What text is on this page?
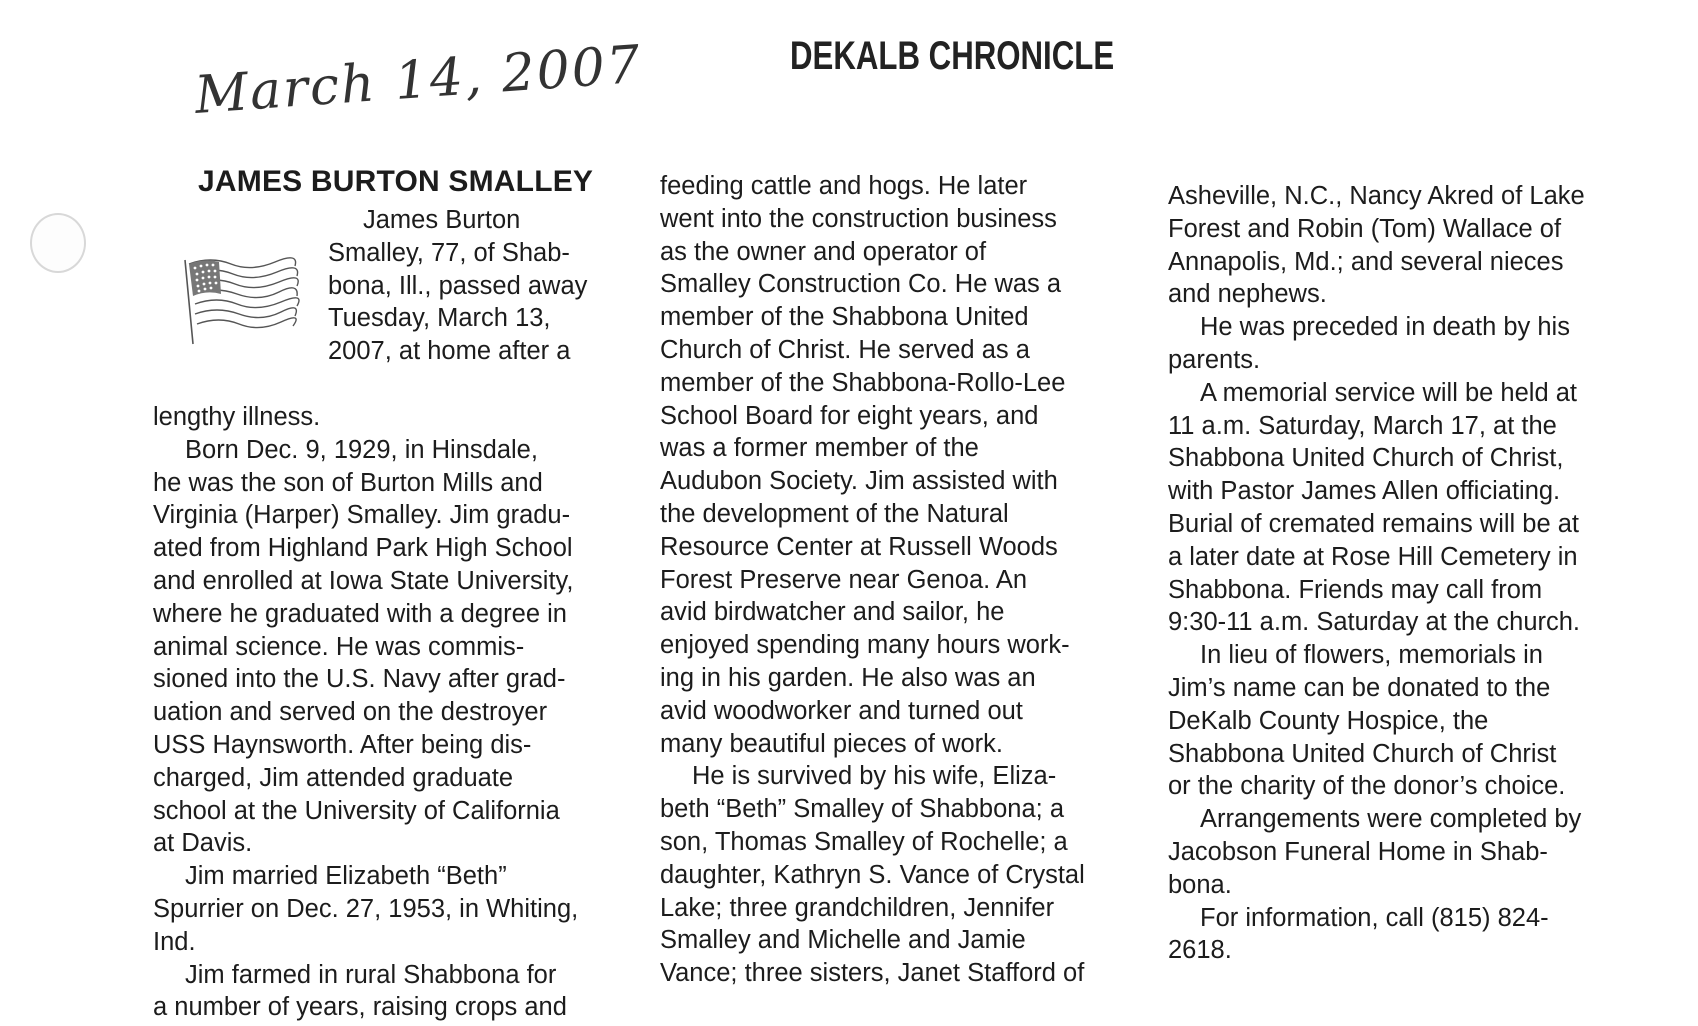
DEKALB CHRONICLE
March 14, 2007
JAMES BURTON SMALLEY
James Burton
Smalley, 77, of Shab-
bona, Ill., passed away
Tuesday, March 13,
2007, at home after a
lengthy illness.
Born Dec. 9, 1929, in Hinsdale,
he was the son of Burton Mills and
Virginia (Harper) Smalley. Jim gradu-
ated from Highland Park High School
and enrolled at Iowa State University,
where he graduated with a degree in
animal science. He was commis-
sioned into the U.S. Navy after grad-
uation and served on the destroyer
USS Haynsworth. After being dis-
charged, Jim attended graduate
school at the University of California
at Davis.
Jim married Elizabeth “Beth”
Spurrier on Dec. 27, 1953, in Whiting,
Ind.
Jim farmed in rural Shabbona for
a number of years, raising crops and
feeding cattle and hogs. He later
went into the construction business
as the owner and operator of
Smalley Construction Co. He was a
member of the Shabbona United
Church of Christ. He served as a
member of the Shabbona-Rollo-Lee
School Board for eight years, and
was a former member of the
Audubon Society. Jim assisted with
the development of the Natural
Resource Center at Russell Woods
Forest Preserve near Genoa. An
avid birdwatcher and sailor, he
enjoyed spending many hours work-
ing in his garden. He also was an
avid woodworker and turned out
many beautiful pieces of work.
He is survived by his wife, Eliza-
beth “Beth” Smalley of Shabbona; a
son, Thomas Smalley of Rochelle; a
daughter, Kathryn S. Vance of Crystal
Lake; three grandchildren, Jennifer
Smalley and Michelle and Jamie
Vance; three sisters, Janet Stafford of
Asheville, N.C., Nancy Akred of Lake
Forest and Robin (Tom) Wallace of
Annapolis, Md.; and several nieces
and nephews.
He was preceded in death by his
parents.
A memorial service will be held at
11 a.m. Saturday, March 17, at the
Shabbona United Church of Christ,
with Pastor James Allen officiating.
Burial of cremated remains will be at
a later date at Rose Hill Cemetery in
Shabbona. Friends may call from
9:30-11 a.m. Saturday at the church.
In lieu of flowers, memorials in
Jim’s name can be donated to the
DeKalb County Hospice, the
Shabbona United Church of Christ
or the charity of the donor’s choice.
Arrangements were completed by
Jacobson Funeral Home in Shab-
bona.
For information, call (815) 824-
2618.
